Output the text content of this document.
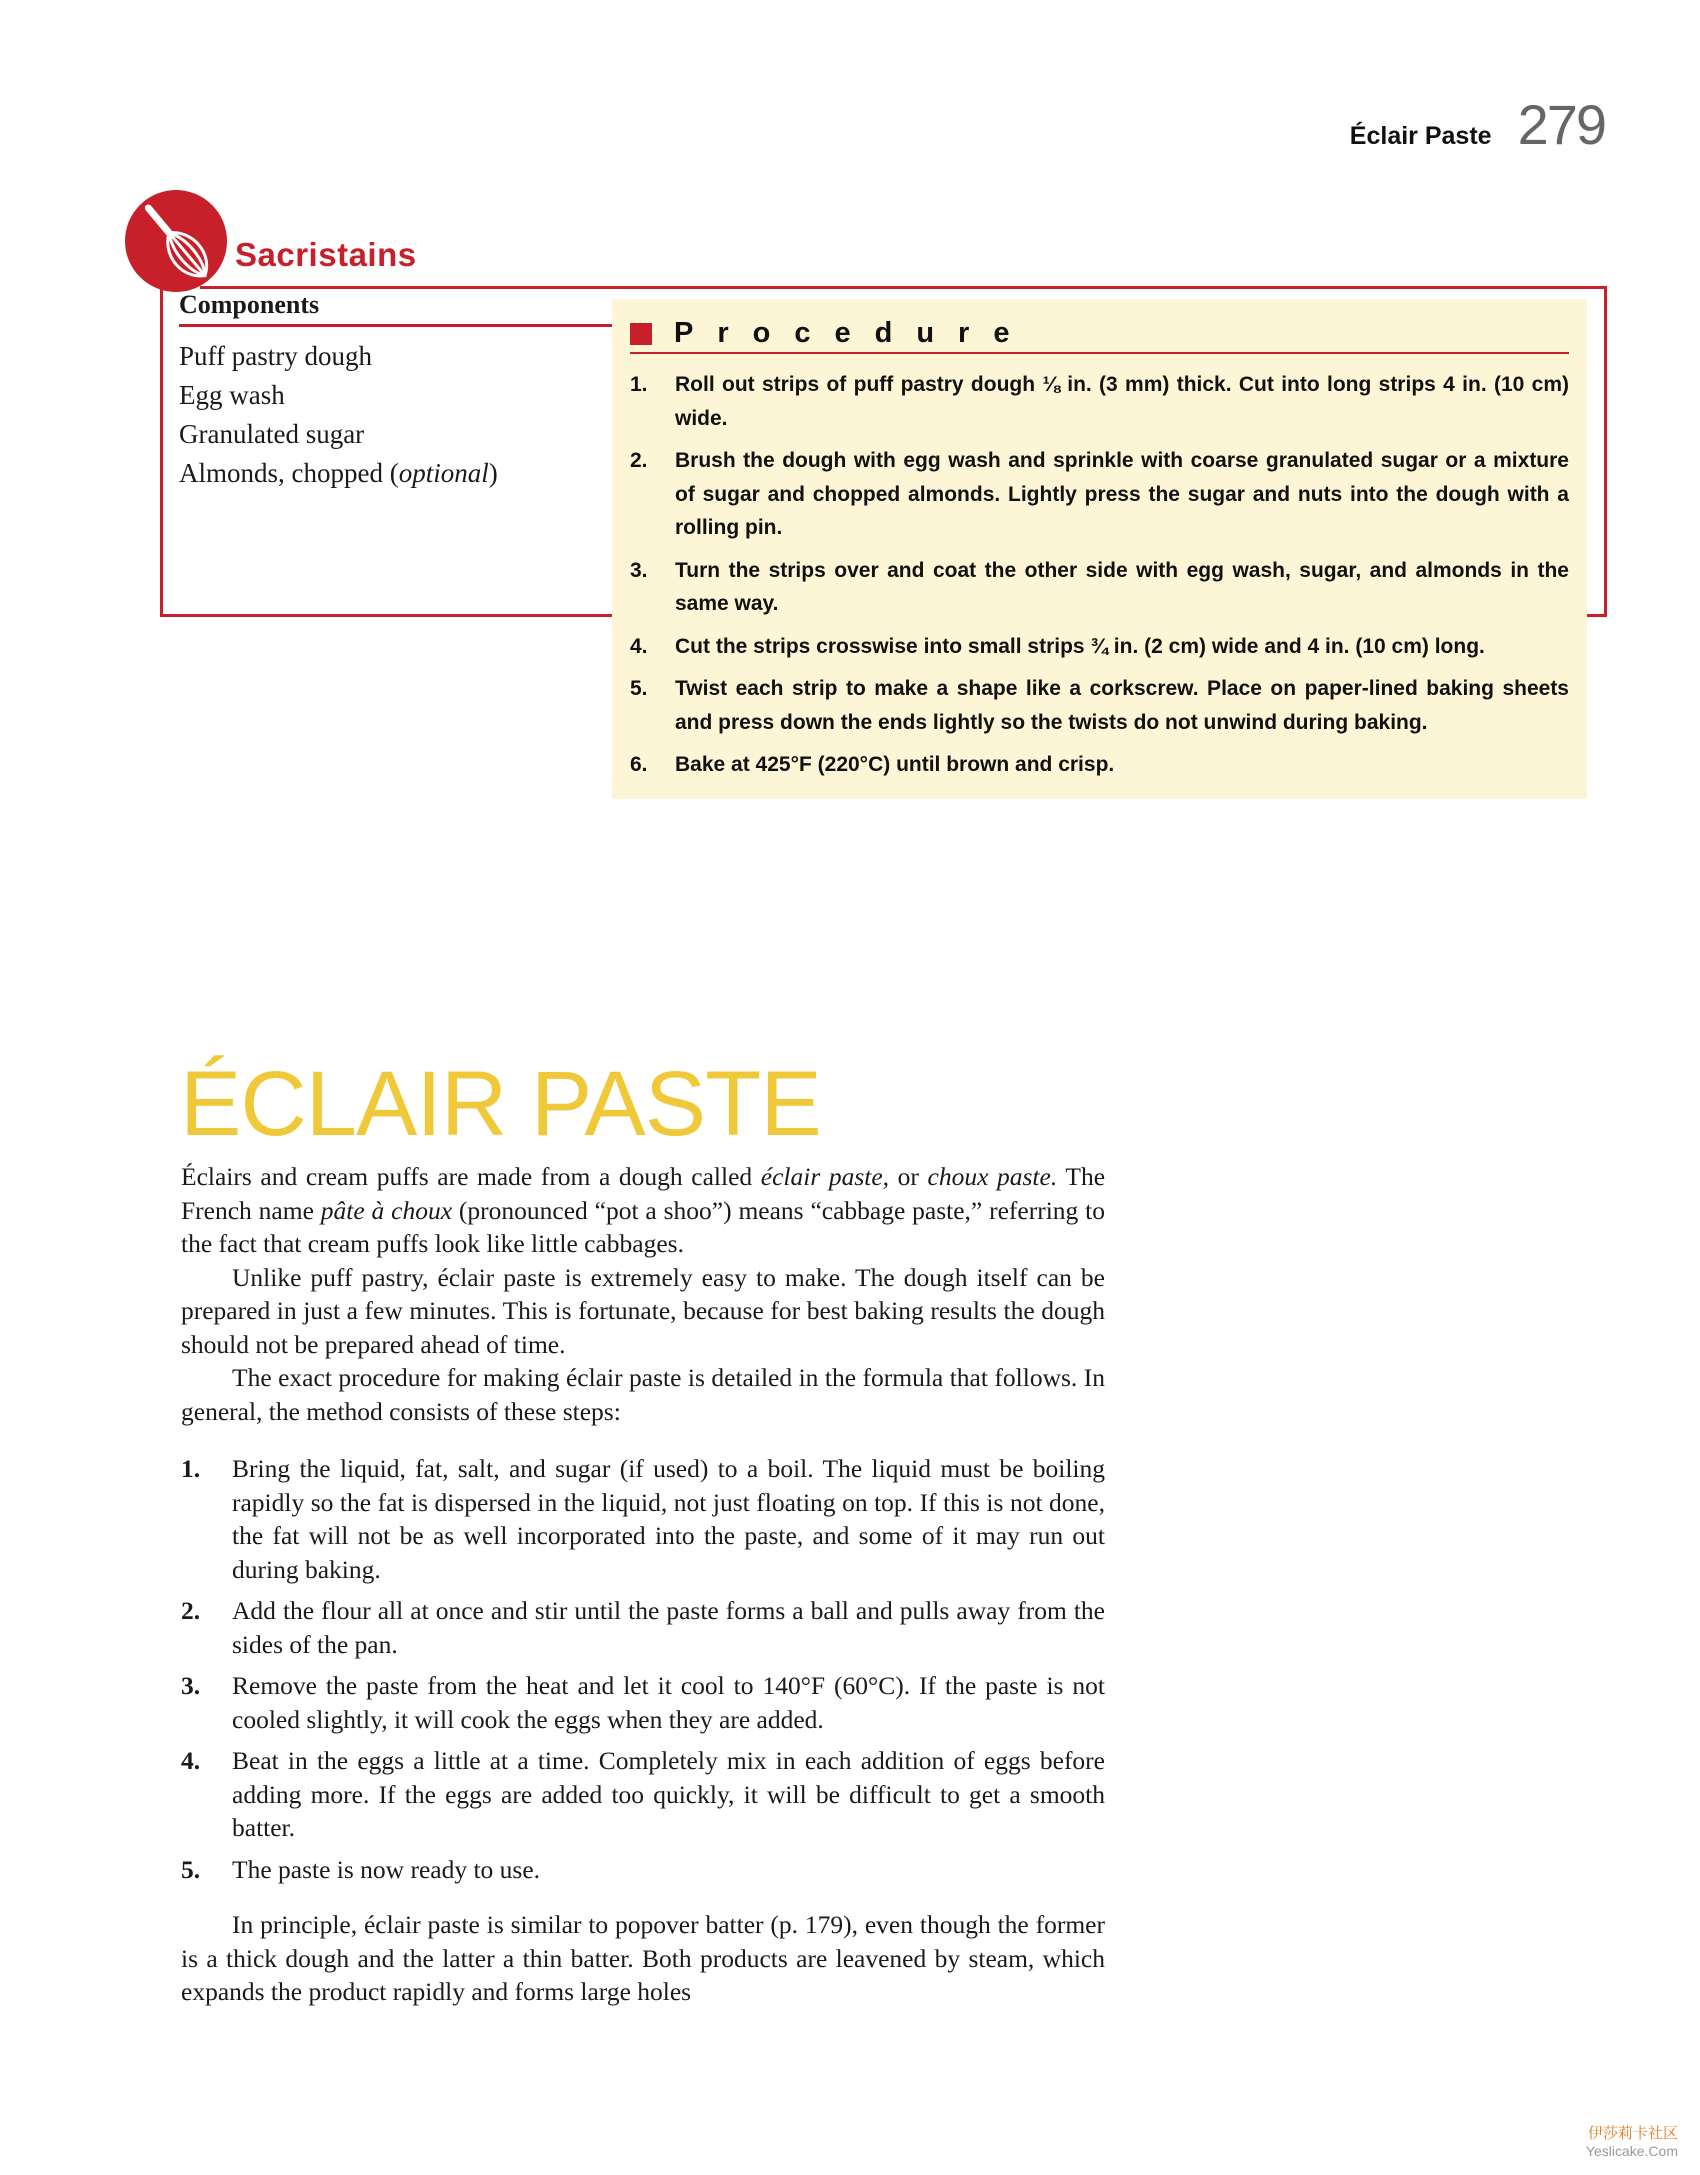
Éclair Paste 279
Sacristains
Components
Puff pastry dough
Egg wash
Granulated sugar
Almonds, chopped (optional)
Procedure
1.	Roll out strips of puff pastry dough ⅛ in. (3 mm) thick. Cut into long strips 4 in. (10 cm) wide.
2.	Brush the dough with egg wash and sprinkle with coarse granulated sugar or a mixture of sugar and chopped almonds. Lightly press the sugar and nuts into the dough with a rolling pin.
3.	Turn the strips over and coat the other side with egg wash, sugar, and almonds in the same way.
4.	Cut the strips crosswise into small strips ¾ in. (2 cm) wide and 4 in. (10 cm) long.
5.	Twist each strip to make a shape like a corkscrew. Place on paper-lined baking sheets and press down the ends lightly so the twists do not unwind during baking.
6.	Bake at 425°F (220°C) until brown and crisp.
ÉCLAIR PASTE

Éclairs and cream puffs are made from a dough called éclair paste, or choux paste. The French name pâte à choux (pronounced “pot a shoo”) means “cabbage paste,” referring to the fact that cream puffs look like little cabbages.

Unlike puff pastry, éclair paste is extremely easy to make. The dough itself can be prepared in just a few minutes. This is fortunate, because for best baking results the dough should not be prepared ahead of time.

The exact procedure for making éclair paste is detailed in the formula that follows. In general, the method consists of these steps:

1.	Bring the liquid, fat, salt, and sugar (if used) to a boil. The liquid must be boiling rapidly so the fat is dispersed in the liquid, not just floating on top. If this is not done, the fat will not be as well incorporated into the paste, and some of it may run out during baking.
2.	Add the flour all at once and stir until the paste forms a ball and pulls away from the sides of the pan.
3.	Remove the paste from the heat and let it cool to 140°F (60°C). If the paste is not cooled slightly, it will cook the eggs when they are added.
4.	Beat in the eggs a little at a time. Completely mix in each addition of eggs before adding more. If the eggs are added too quickly, it will be difficult to get a smooth batter.
5.	The paste is now ready to use.

In principle, éclair paste is similar to popover batter (p. 179), even though the former is a thick dough and the latter a thin batter. Both products are leavened by steam, which expands the product rapidly and forms large holes

伊莎莉卡社区
Yeslicake.Com
